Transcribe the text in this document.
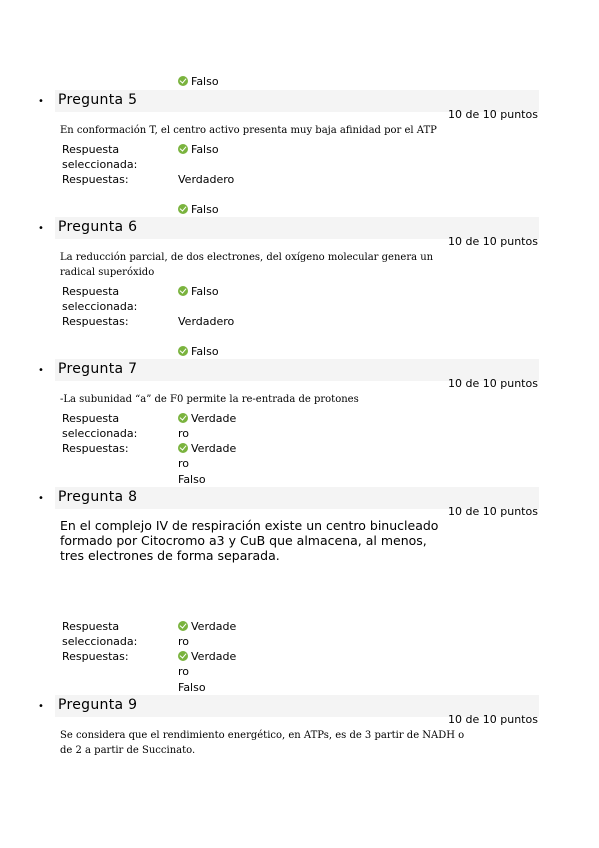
Falso
• Pregunta 5
10 de 10 puntos
En conformación T, el centro activo presenta muy baja afinidad por el ATP
Respuesta seleccionada:
Falso
Respuestas:	Verdadero
Falso
• Pregunta 6
10 de 10 puntos
La reducción parcial, de dos electrones, del oxígeno molecular genera un radical superóxido
Respuesta seleccionada:
Falso
Respuestas:	Verdadero
Falso
• Pregunta 7
10 de 10 puntos
-La subunidad “a” de F0 permite la re-entrada de protones
Respuesta seleccionada:
Verdadero
Respuestas:	Verdadero
Falso
• Pregunta 8
10 de 10 puntos
En el complejo IV de respiración existe un centro binucleado formado por Citocromo a3 y CuB que almacena, al menos, tres electrones de forma separada.
Respuesta seleccionada:
Verdadero
Respuestas:	Verdadero
Falso
• Pregunta 9
10 de 10 puntos
Se considera que el rendimiento energético, en ATPs, es de 3 partir de NADH o de 2 a partir de Succinato.
